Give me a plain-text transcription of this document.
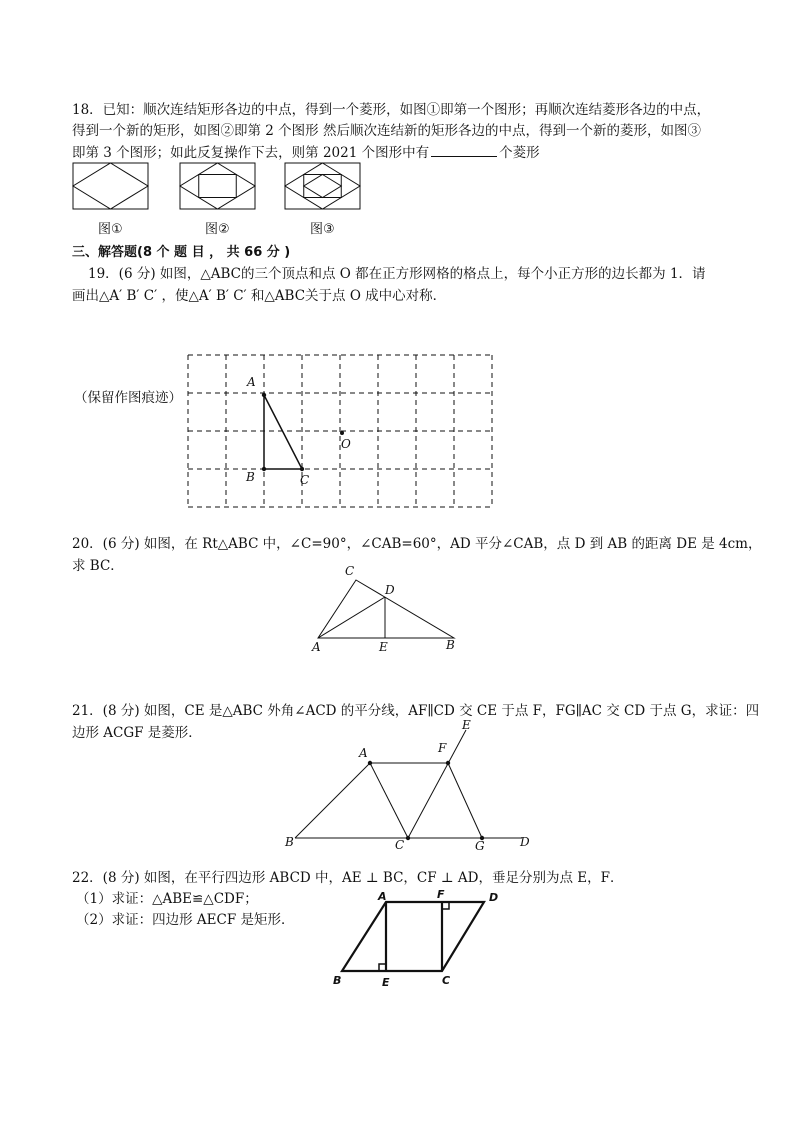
18．已知：顺次连结矩形各边的中点，得到一个菱形，如图①即第一个图形；再顺次连结菱形各边的中点，
得到一个新的矩形，如图②即第 2 个图形 然后顺次连结新的矩形各边的中点，得到一个新的菱形，如图③
即第 3 个图形；如此反复操作下去，则第 2021 个图形中有	个菱形
图①	图②	图③
三、解答题(8 个 题 目 ， 共 66 分 )
19．(6 分) 如图，△ABC的三个顶点和点 O 都在正方形网格的格点上，每个小正方形的边长都为 1．请
画出△A′ B′ C′ ，使△A′ B′ C′ 和△ABC关于点 O 成中心对称．
（保留作图痕迹）
A
B	C
O
20．(6 分) 如图，在 Rt△ABC 中，∠C=90°，∠CAB=60°，AD 平分∠CAB，点 D 到 AB 的距离 DE 是 4cm，
求 BC．	C
D
A	E	B
21．(8 分) 如图，CE 是△ABC 外角∠ACD 的平分线，AF∥CD 交 CE 于点 F，FG∥AC 交 CD 于点 G，求证：四
边形 ACGF 是菱形．	E
A	F
B	C	G	D
22．(8 分) 如图，在平行四边形 ABCD 中，AE ⊥ BC，CF ⊥ AD，垂足分别为点 E，F．
（1）求证：△ABE≌△CDF；
（2）求证：四边形 AECF 是矩形．
A	F	D
B	E	C
